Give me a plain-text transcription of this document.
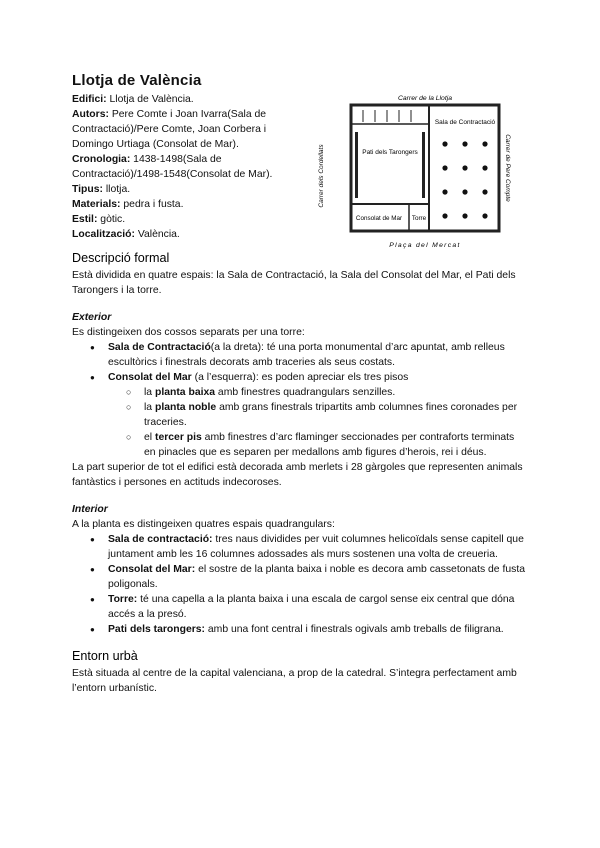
Llotja de València

Edifici: Llotja de València.

Autors: Pere Comte i Joan Ivarra(Sala de Contractació)/Pere Comte, Joan Corbera i Domingo Urtiaga (Consolat de Mar).

Cronologia: 1438-1498(Sala de Contractació)/1498-1548(Consolat de Mar).

Tipus: llotja.

Materials: pedra i fusta.

Estil: gòtic.

Localització: València.

Carrer de la Llotja
Carrer dels Cordellats	Carrer de Pere Compte
Plaça del Mercat
Sala de Contractació
Pati dels Tarongers
Consolat de Mar Torre
Descripció formal

Està dividida en quatre espais: la Sala de Contractació, la Sala del Consolat del Mar, el Pati dels Tarongers i la torre.

Exterior

Es distingeixen dos cossos separats per una torre:

● Sala de Contractació(a la dreta): té una porta monumental d’arc apuntat, amb relleus escultòrics i finestrals decorats amb traceries als seus costats.
● Consolat del Mar (a l’esquerra): es poden apreciar els tres pisos
○ la planta baixa amb finestres quadrangulars senzilles.
○ la planta noble amb grans finestrals tripartits amb columnes fines coronades per traceries.
○ el tercer pis amb finestres d’arc flaminger seccionades per contraforts terminats en pinacles que es separen per medallons amb figures d’herois, rei i déus.

La part superior de tot el edifici està decorada amb merlets i 28 gàrgoles que representen animals fantàstics i persones en actituds indecoroses.

Interior

A la planta es distingeixen quatres espais quadrangulars:

● Sala de contractació: tres naus dividides per vuit columnes helicoïdals sense capitell que juntament amb les 16 columnes adossades als murs sostenen una volta de creueria.
● Consolat del Mar: el sostre de la planta baixa i noble es decora amb cassetonats de fusta poligonals.
● Torre: té una capella a la planta baixa i una escala de cargol sense eix central que dóna accés a la presó.
● Pati dels tarongers: amb una font central i finestrals ogivals amb treballs de filigrana.
Entorn urbà

Està situada al centre de la capital valenciana, a prop de la catedral. S’integra perfectament amb l’entorn urbanístic.
